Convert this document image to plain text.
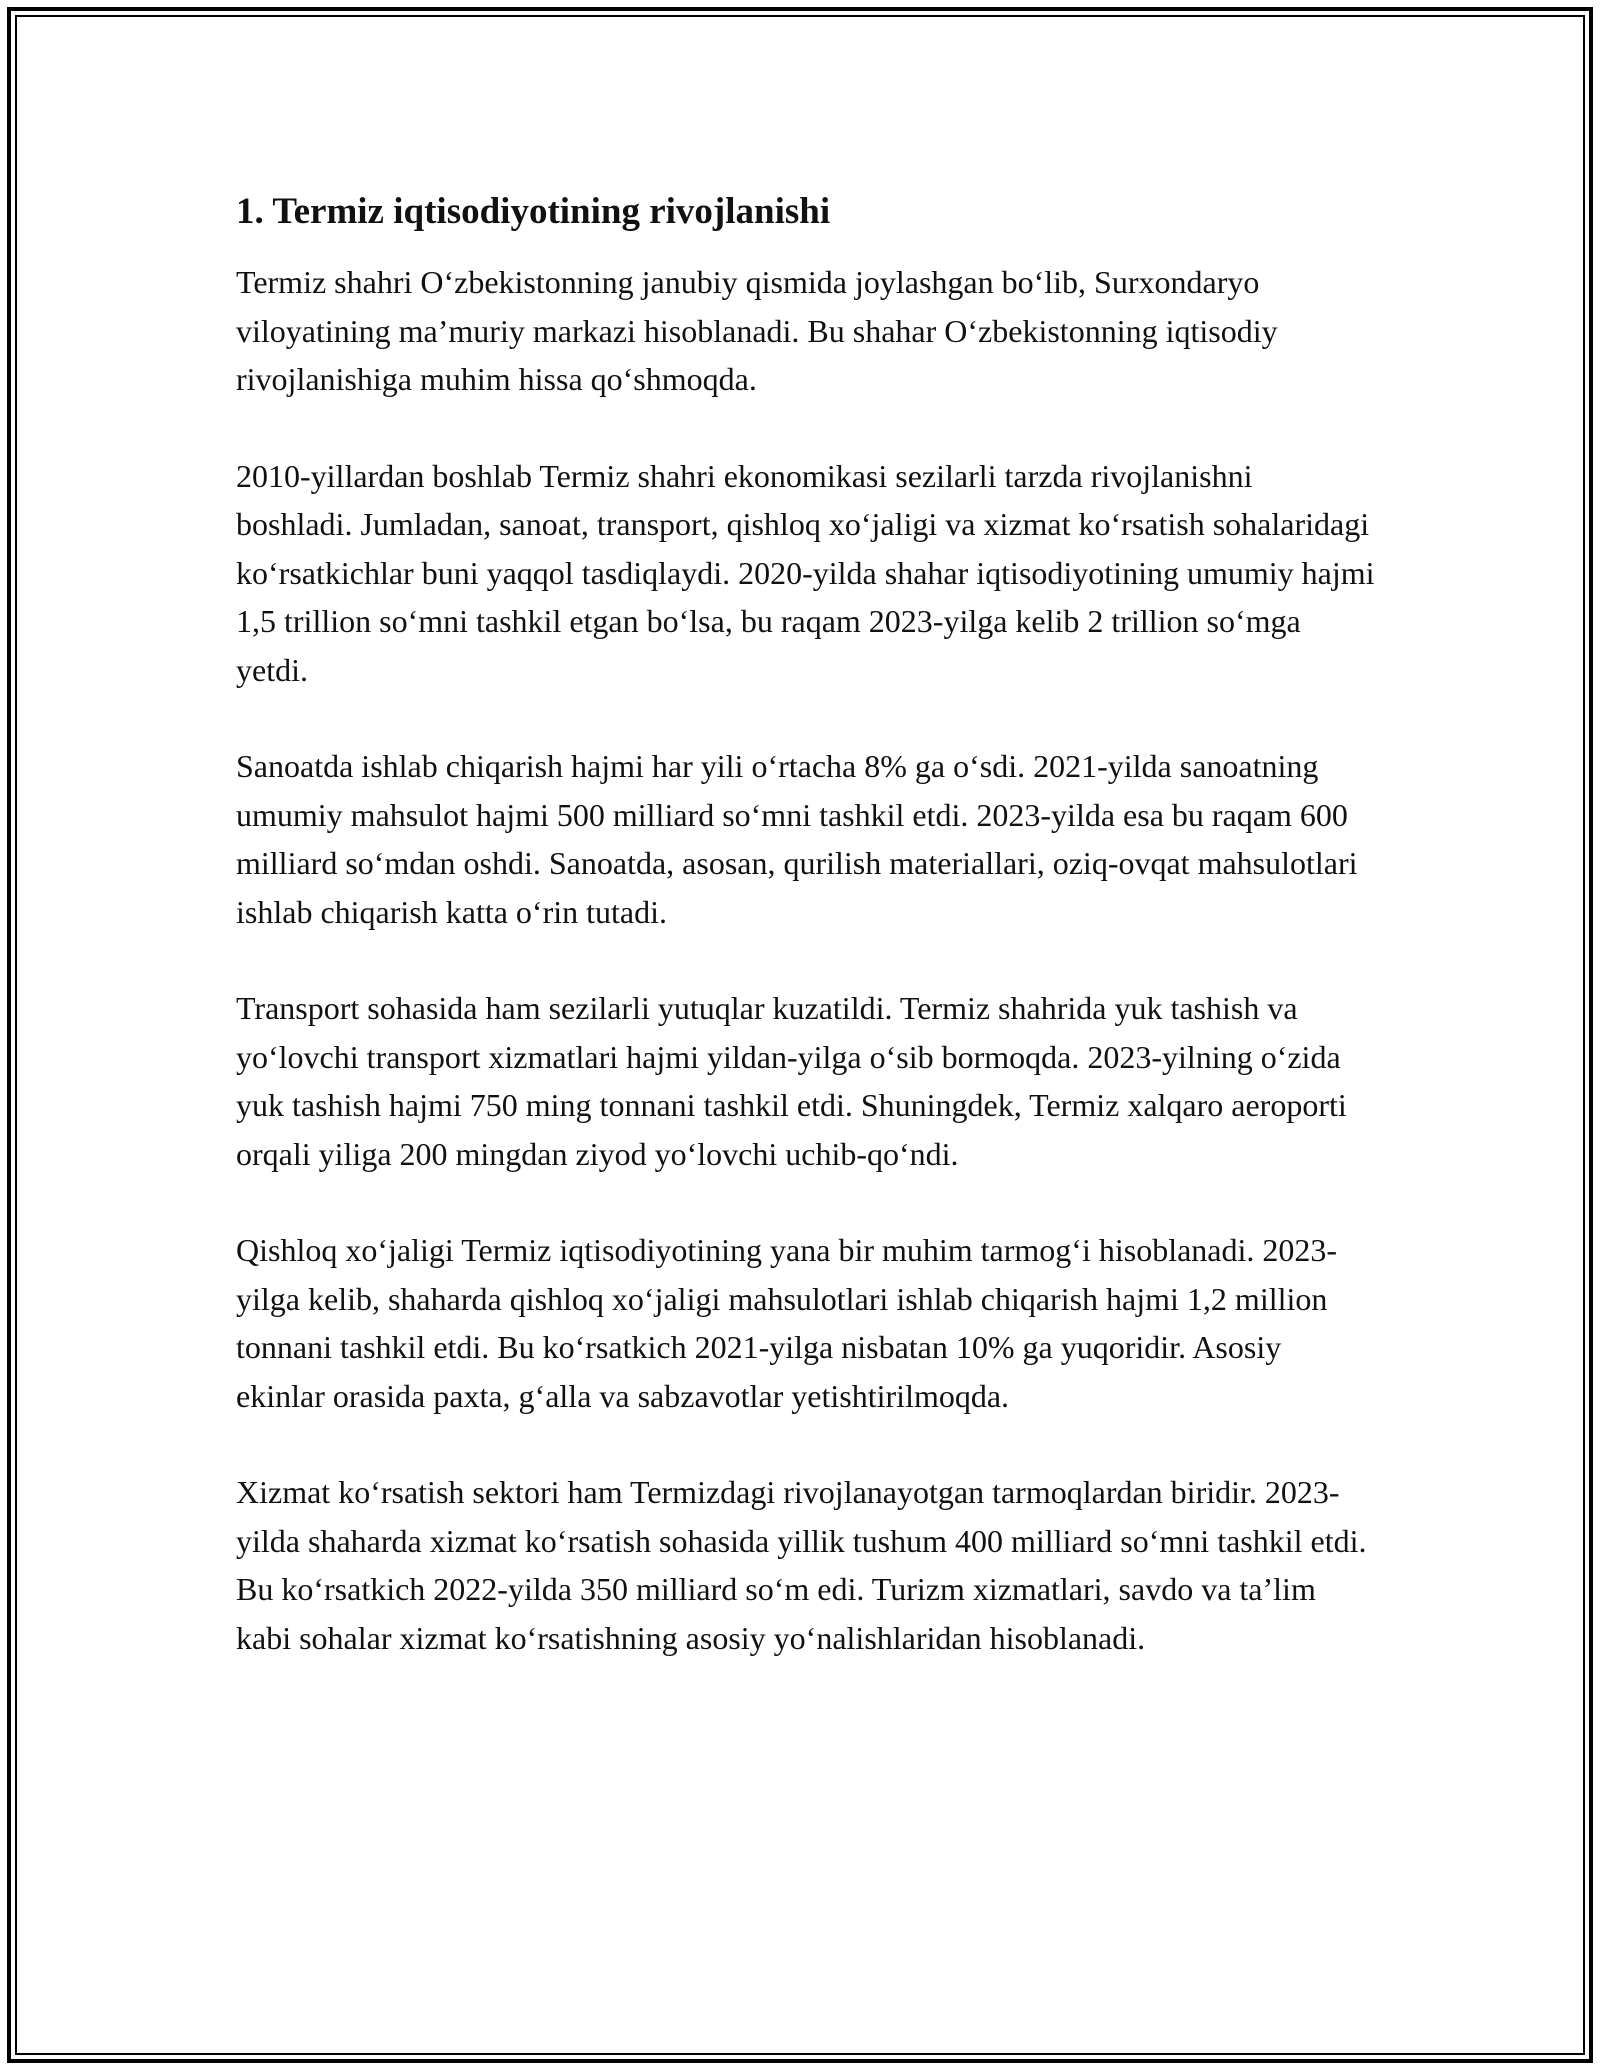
1. Termiz iqtisodiyotining rivojlanishi

Termiz shahri O‘zbekistonning janubiy qismida joylashgan bo‘lib, Surxondaryo viloyatining ma’muriy markazi hisoblanadi. Bu shahar O‘zbekistonning iqtisodiy rivojlanishiga muhim hissa qo‘shmoqda.

2010-yillardan boshlab Termiz shahri ekonomikasi sezilarli tarzda rivojlanishni boshladi. Jumladan, sanoat, transport, qishloq xo‘jaligi va xizmat ko‘rsatish sohalaridagi ko‘rsatkichlar buni yaqqol tasdiqlaydi. 2020-yilda shahar iqtisodiyotining umumiy hajmi 1,5 trillion so‘mni tashkil etgan bo‘lsa, bu raqam 2023-yilga kelib 2 trillion so‘mga yetdi.

Sanoatda ishlab chiqarish hajmi har yili o‘rtacha 8% ga o‘sdi. 2021-yilda sanoatning umumiy mahsulot hajmi 500 milliard so‘mni tashkil etdi. 2023-yilda esa bu raqam 600 milliard so‘mdan oshdi. Sanoatda, asosan, qurilish materiallari, oziq-ovqat mahsulotlari ishlab chiqarish katta o‘rin tutadi.

Transport sohasida ham sezilarli yutuqlar kuzatildi. Termiz shahrida yuk tashish va yo‘lovchi transport xizmatlari hajmi yildan-yilga o‘sib bormoqda. 2023-yilning o‘zida yuk tashish hajmi 750 ming tonnani tashkil etdi. Shuningdek, Termiz xalqaro aeroporti orqali yiliga 200 mingdan ziyod yo‘lovchi uchib-qo‘ndi.

Qishloq xo‘jaligi Termiz iqtisodiyotining yana bir muhim tarmog‘i hisoblanadi. 2023-yilga kelib, shaharda qishloq xo‘jaligi mahsulotlari ishlab chiqarish hajmi 1,2 million tonnani tashkil etdi. Bu ko‘rsatkich 2021-yilga nisbatan 10% ga yuqoridir. Asosiy ekinlar orasida paxta, g‘alla va sabzavotlar yetishtirilmoqda.

Xizmat ko‘rsatish sektori ham Termizdagi rivojlanayotgan tarmoqlardan biridir. 2023-yilda shaharda xizmat ko‘rsatish sohasida yillik tushum 400 milliard so‘mni tashkil etdi. Bu ko‘rsatkich 2022-yilda 350 milliard so‘m edi. Turizm xizmatlari, savdo va ta’lim kabi sohalar xizmat ko‘rsatishning asosiy yo‘nalishlaridan hisoblanadi.
